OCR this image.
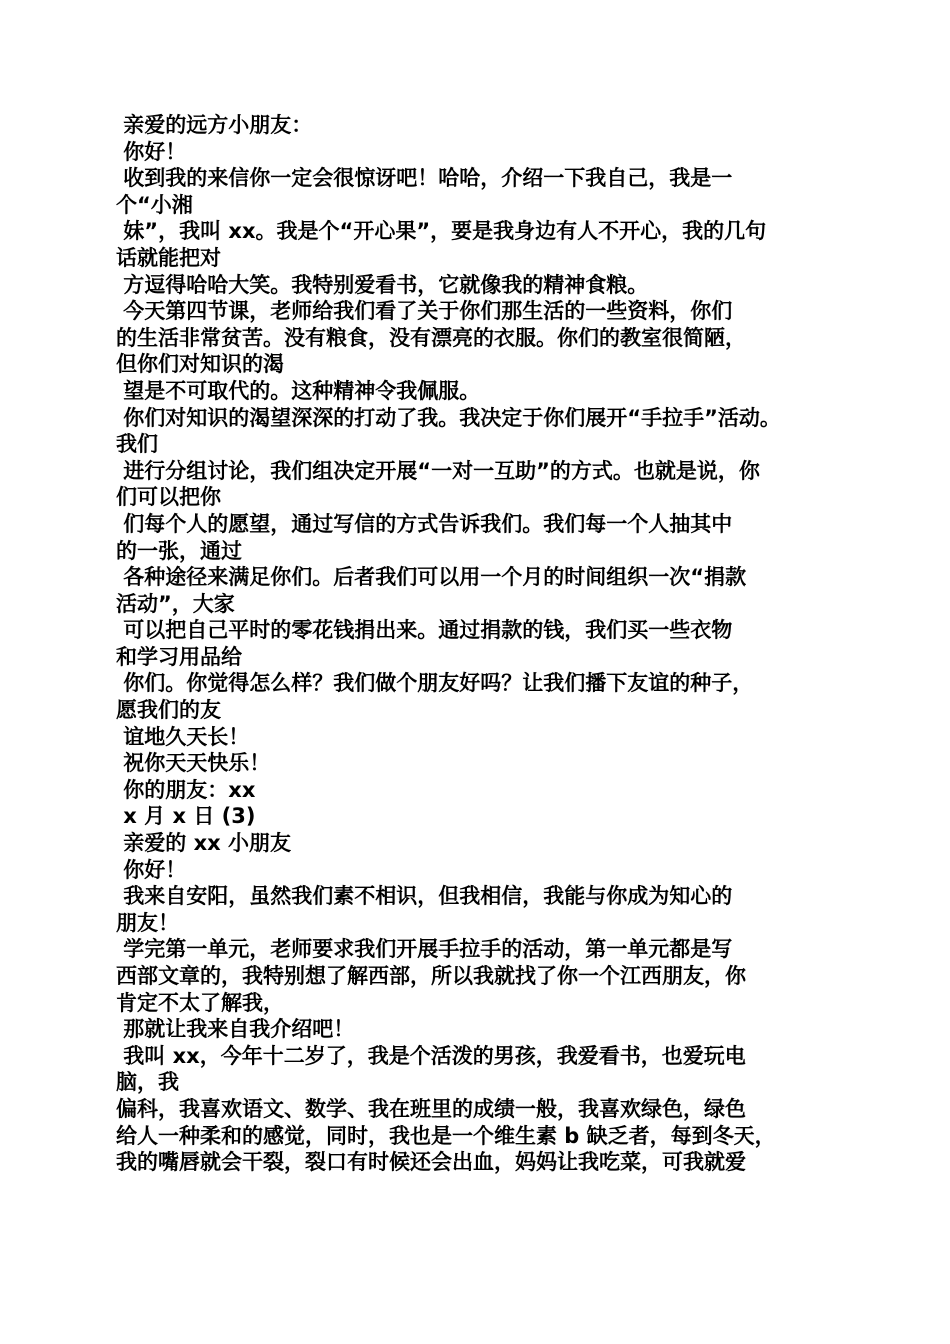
亲爱的远方小朋友：
你好！
收到我的来信你一定会很惊讶吧！哈哈，介绍一下我自己，我是一
个“小湘
妹”，我叫 xx。我是个“开心果”，要是我身边有人不开心，我的几句
话就能把对
方逗得哈哈大笑。我特别爱看书，它就像我的精神食粮。
今天第四节课，老师给我们看了关于你们那生活的一些资料，你们
的生活非常贫苦。没有粮食，没有漂亮的衣服。你们的教室很简陋，
但你们对知识的渴
望是不可取代的。这种精神令我佩服。
你们对知识的渴望深深的打动了我。我决定于你们展开“手拉手”活动。
我们
进行分组讨论，我们组决定开展“一对一互助”的方式。也就是说，你
们可以把你
们每个人的愿望，通过写信的方式告诉我们。我们每一个人抽其中
的一张，通过
各种途径来满足你们。后者我们可以用一个月的时间组织一次“捐款
活动”，大家
可以把自己平时的零花钱捐出来。通过捐款的钱，我们买一些衣物
和学习用品给
你们。你觉得怎么样？我们做个朋友好吗？让我们播下友谊的种子，
愿我们的友
谊地久天长！
祝你天天快乐！
你的朋友：xx
x 月 x 日 (3)
亲爱的 xx 小朋友
你好！
我来自安阳，虽然我们素不相识，但我相信，我能与你成为知心的
朋友！
学完第一单元，老师要求我们开展手拉手的活动，第一单元都是写
西部文章的，我特别想了解西部，所以我就找了你一个江西朋友，你
肯定不太了解我，
那就让我来自我介绍吧！
我叫 xx，今年十二岁了，我是个活泼的男孩，我爱看书，也爱玩电
脑，我
偏科，我喜欢语文、数学、我在班里的成绩一般，我喜欢绿色，绿色
给人一种柔和的感觉，同时，我也是一个维生素 b 缺乏者，每到冬天，
我的嘴唇就会干裂，裂口有时候还会出血，妈妈让我吃菜，可我就爱
